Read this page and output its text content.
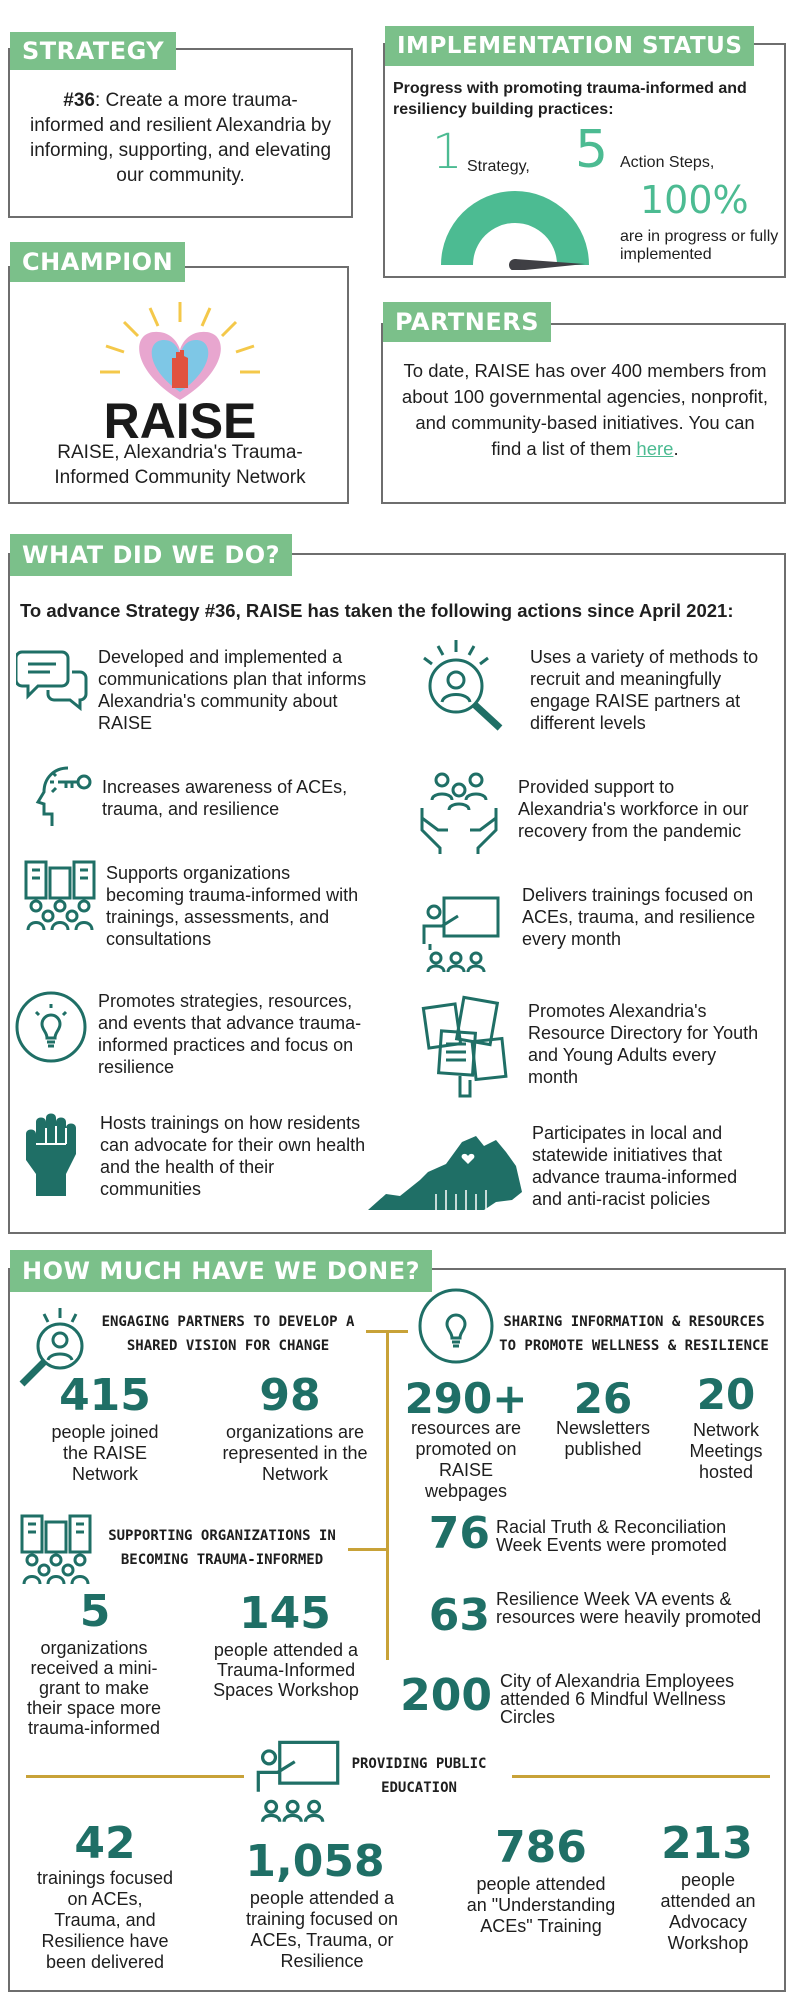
STRATEGY
#36: Create a more trauma-informed and resilient Alexandria by informing, supporting, and elevating our community.
IMPLEMENTATION STATUS
Progress with promoting trauma-informed and resiliency building practices:
1 Strategy, 5 Action Steps,
100%
are in progress or fully implemented
CHAMPION
RAISE
RAISE, Alexandria's Trauma-Informed Community Network
PARTNERS
To date, RAISE has over 400 members from about 100 governmental agencies, nonprofit, and community-based initiatives. You can find a list of them here.
WHAT DID WE DO?
To advance Strategy #36, RAISE has taken the following actions since April 2021:
Developed and implemented a communications plan that informs Alexandria's community about RAISE
Uses a variety of methods to recruit and meaningfully engage RAISE partners at different levels
Increases awareness of ACEs, trauma, and resilience
Provided support to Alexandria's workforce in our recovery from the pandemic
Supports organizations becoming trauma-informed with trainings, assessments, and consultations
Delivers trainings focused on ACEs, trauma, and resilience every month
Promotes strategies, resources, and events that advance trauma-informed practices and focus on resilience
Promotes Alexandria's Resource Directory for Youth and Young Adults every month
Hosts trainings on how residents can advocate for their own health and the health of their communities
Participates in local and statewide initiatives that advance trauma-informed and anti-racist policies
HOW MUCH HAVE WE DONE?
ENGAGING PARTNERS TO DEVELOP A SHARED VISION FOR CHANGE
415
people joined the RAISE Network
98
organizations are represented in the Network
SHARING INFORMATION & RESOURCES TO PROMOTE WELLNESS & RESILIENCE
290+
resources are promoted on RAISE webpages
26
Newsletters published
20
Network Meetings hosted
76 Racial Truth & Reconciliation Week Events were promoted
63 Resilience Week VA events & resources were heavily promoted
200 City of Alexandria Employees attended 6 Mindful Wellness Circles
SUPPORTING ORGANIZATIONS IN BECOMING TRAUMA-INFORMED
5
organizations received a mini-grant to make their space more trauma-informed
145
people attended a Trauma-Informed Spaces Workshop
PROVIDING PUBLIC EDUCATION
42
trainings focused on ACEs, Trauma, and Resilience have been delivered
1,058
people attended a training focused on ACEs, Trauma, or Resilience
786
people attended an "Understanding ACEs" Training
213
people attended an Advocacy Workshop
